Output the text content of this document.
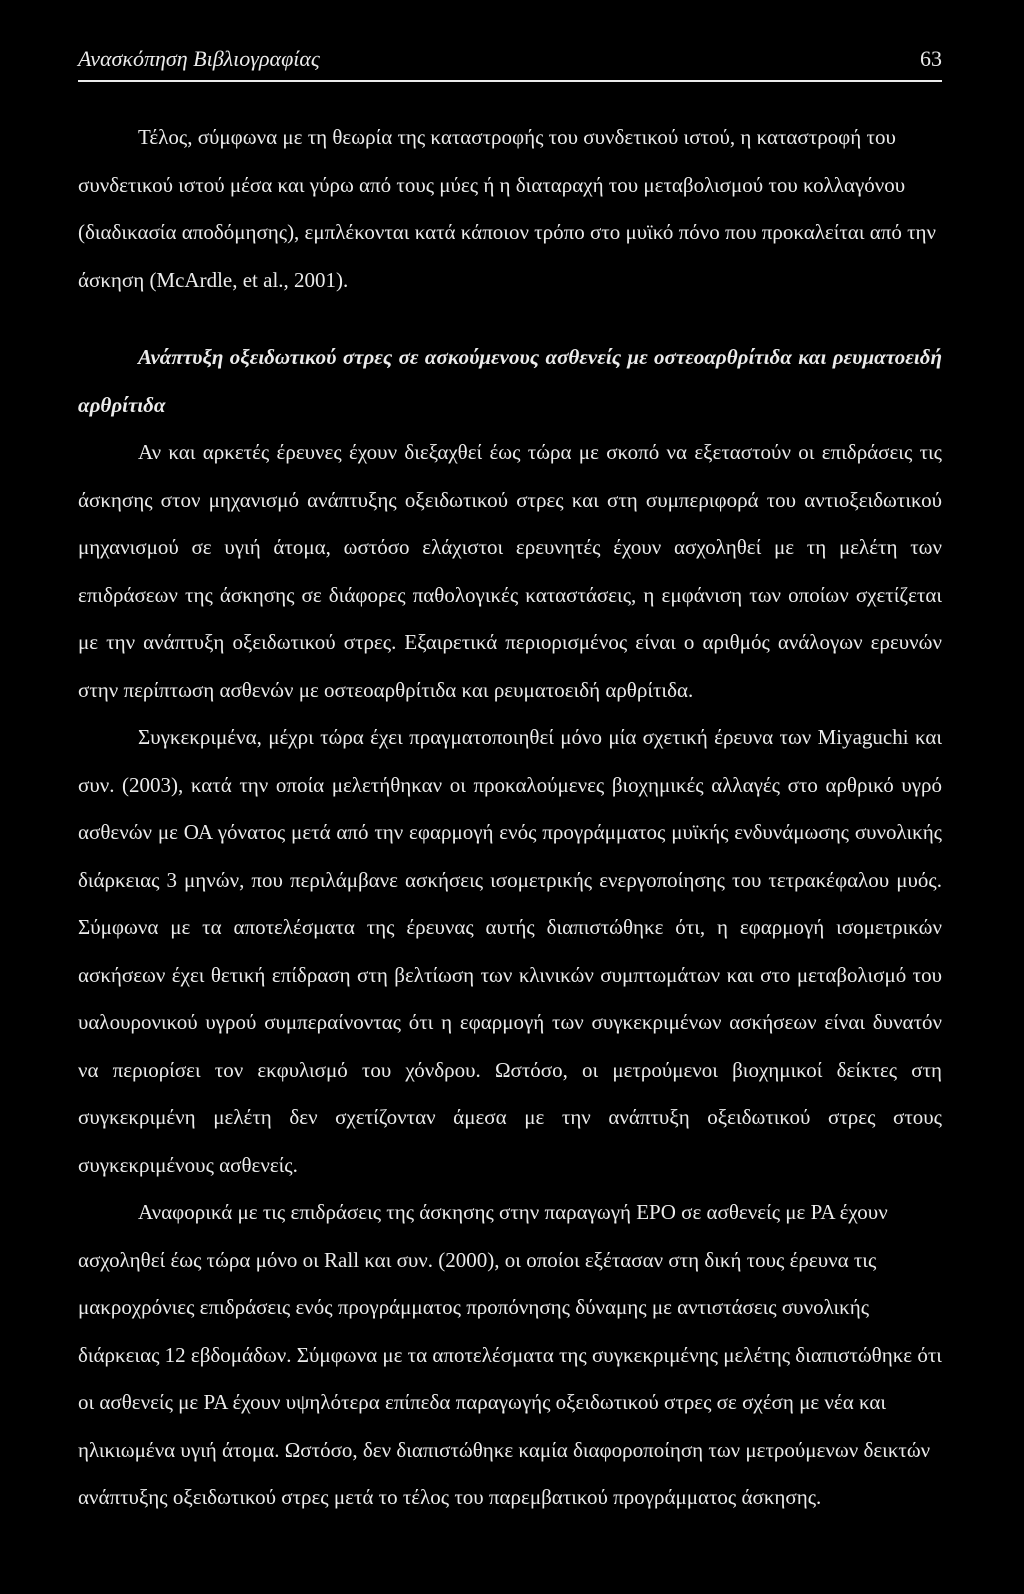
Ανασκόπηση Βιβλιογραφίας	63

Τέλος, σύμφωνα με τη θεωρία της καταστροφής του συνδετικού ιστού, η καταστροφή του συνδετικού ιστού μέσα και γύρω από τους μύες ή η διαταραχή του μεταβολισμού του κολλαγόνου (διαδικασία αποδόμησης), εμπλέκονται κατά κάποιον τρόπο στο μυϊκό πόνο που προκαλείται από την άσκηση (McArdle, et al., 2001).

Ανάπτυξη οξειδωτικού στρες σε ασκούμενους ασθενείς με οστεοαρθρίτιδα και ρευματοειδή αρθρίτιδα

Αν και αρκετές έρευνες έχουν διεξαχθεί έως τώρα με σκοπό να εξεταστούν οι επιδράσεις τις άσκησης στον μηχανισμό ανάπτυξης οξειδωτικού στρες και στη συμπεριφορά του αντιοξειδωτικού μηχανισμού σε υγιή άτομα, ωστόσο ελάχιστοι ερευνητές έχουν ασχοληθεί με τη μελέτη των επιδράσεων της άσκησης σε διάφορες παθολογικές καταστάσεις, η εμφάνιση των οποίων σχετίζεται με την ανάπτυξη οξειδωτικού στρες. Εξαιρετικά περιορισμένος είναι ο αριθμός ανάλογων ερευνών στην περίπτωση ασθενών με οστεοαρθρίτιδα και ρευματοειδή αρθρίτιδα.

Συγκεκριμένα, μέχρι τώρα έχει πραγματοποιηθεί μόνο μία σχετική έρευνα των Miyaguchi και συν. (2003), κατά την οποία μελετήθηκαν οι προκαλούμενες βιοχημικές αλλαγές στο αρθρικό υγρό ασθενών με ΟΑ γόνατος μετά από την εφαρμογή ενός προγράμματος μυϊκής ενδυνάμωσης συνολικής διάρκειας 3 μηνών, που περιλάμβανε ασκήσεις ισομετρικής ενεργοποίησης του τετρακέφαλου μυός. Σύμφωνα με τα αποτελέσματα της έρευνας αυτής διαπιστώθηκε ότι, η εφαρμογή ισομετρικών ασκήσεων έχει θετική επίδραση στη βελτίωση των κλινικών συμπτωμάτων και στο μεταβολισμό του υαλουρονικού υγρού συμπεραίνοντας ότι η εφαρμογή των συγκεκριμένων ασκήσεων είναι δυνατόν να περιορίσει τον εκφυλισμό του χόνδρου. Ωστόσο, οι μετρούμενοι βιοχημικοί δείκτες στη συγκεκριμένη μελέτη δεν σχετίζονταν άμεσα με την ανάπτυξη οξειδωτικού στρες στους συγκεκριμένους ασθενείς.

Αναφορικά με τις επιδράσεις της άσκησης στην παραγωγή ΕΡΟ σε ασθενείς με ΡΑ έχουν ασχοληθεί έως τώρα μόνο οι Rall και συν. (2000), οι οποίοι εξέτασαν στη δική τους έρευνα τις μακροχρόνιες επιδράσεις ενός προγράμματος προπόνησης δύναμης με αντιστάσεις συνολικής διάρκειας 12 εβδομάδων. Σύμφωνα με τα αποτελέσματα της συγκεκριμένης μελέτης διαπιστώθηκε ότι οι ασθενείς με ΡΑ έχουν υψηλότερα επίπεδα παραγωγής οξειδωτικού στρες σε σχέση με νέα και ηλικιωμένα υγιή άτομα. Ωστόσο, δεν διαπιστώθηκε καμία διαφοροποίηση των μετρούμενων δεικτών ανάπτυξης οξειδωτικού στρες μετά το τέλος του παρεμβατικού προγράμματος άσκησης.
